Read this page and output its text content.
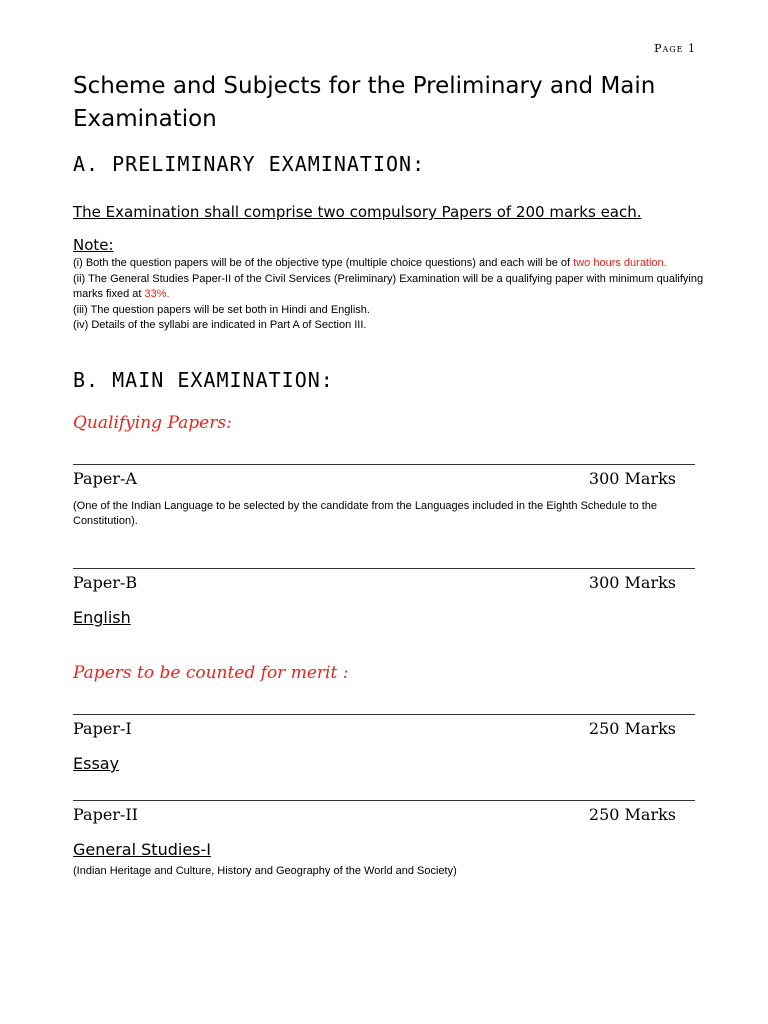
Page 1
Scheme and Subjects for the Preliminary and Main Examination
A. PRELIMINARY EXAMINATION:
The Examination shall comprise two compulsory Papers of 200 marks each.
Note:
(i) Both the question papers will be of the objective type (multiple choice questions) and each will be of two hours duration.
(ii) The General Studies Paper-II of the Civil Services (Preliminary) Examination will be a qualifying paper with minimum qualifying marks fixed at 33%.
(iii) The question papers will be set both in Hindi and English.
(iv) Details of the syllabi are indicated in Part A of Section III.
B. MAIN EXAMINATION:
Qualifying Papers:
Paper-A	300 Marks
(One of the Indian Language to be selected by the candidate from the Languages included in the Eighth Schedule to the Constitution).
Paper-B	300 Marks
English
Papers to be counted for merit :
Paper-I	250 Marks
Essay
Paper-II	250 Marks
General Studies-I
(Indian Heritage and Culture, History and Geography of the World and Society)
